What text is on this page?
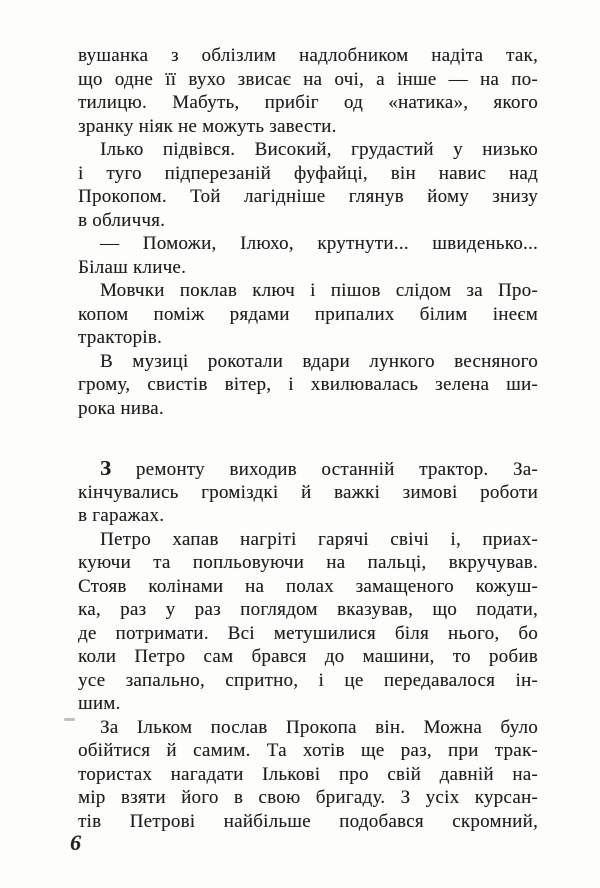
вушанка з облізлим надлобником надіта так,
що одне її вухо звисає на очі, а інше — на по-
тилицю. Мабуть, прибіг од «натика», якого
зранку ніяк не можуть завести.
Ілько підвівся. Високий, грудастий у низько
і туго підперезаній фуфайці, він навис над
Прокопом. Той лагідніше глянув йому знизу
в обличчя.
— Поможи, Ілюхо, крутнути... швиденько...
Білаш кличе.
Мовчки поклав ключ і пішов слідом за Про-
копом поміж рядами припалих білим інеєм
тракторів.
В музиці рокотали вдари лункого весняного
грому, свистів вітер, і хвилювалась зелена ши-
рока нива.
З ремонту виходив останній трактор. За-
кінчувались громіздкі й важкі зимові роботи
в гаражах.
Петро хапав нагріті гарячі свічі і, приах-
куючи та попльовуючи на пальці, вкручував.
Стояв колінами на полах замащеного кожуш-
ка, раз у раз поглядом вказував, що подати,
де потримати. Всі метушилися біля нього, бо
коли Петро сам брався до машини, то робив
усе запально, спритно, і це передавалося ін-
шим.
За Ільком послав Прокопа він. Можна було
обійтися й самим. Та хотів ще раз, при трак-
тористах нагадати Ількові про свій давній на-
мір взяти його в свою бригаду. З усіх курсан-
тів Петрові найбільше подобався скромний,
6
